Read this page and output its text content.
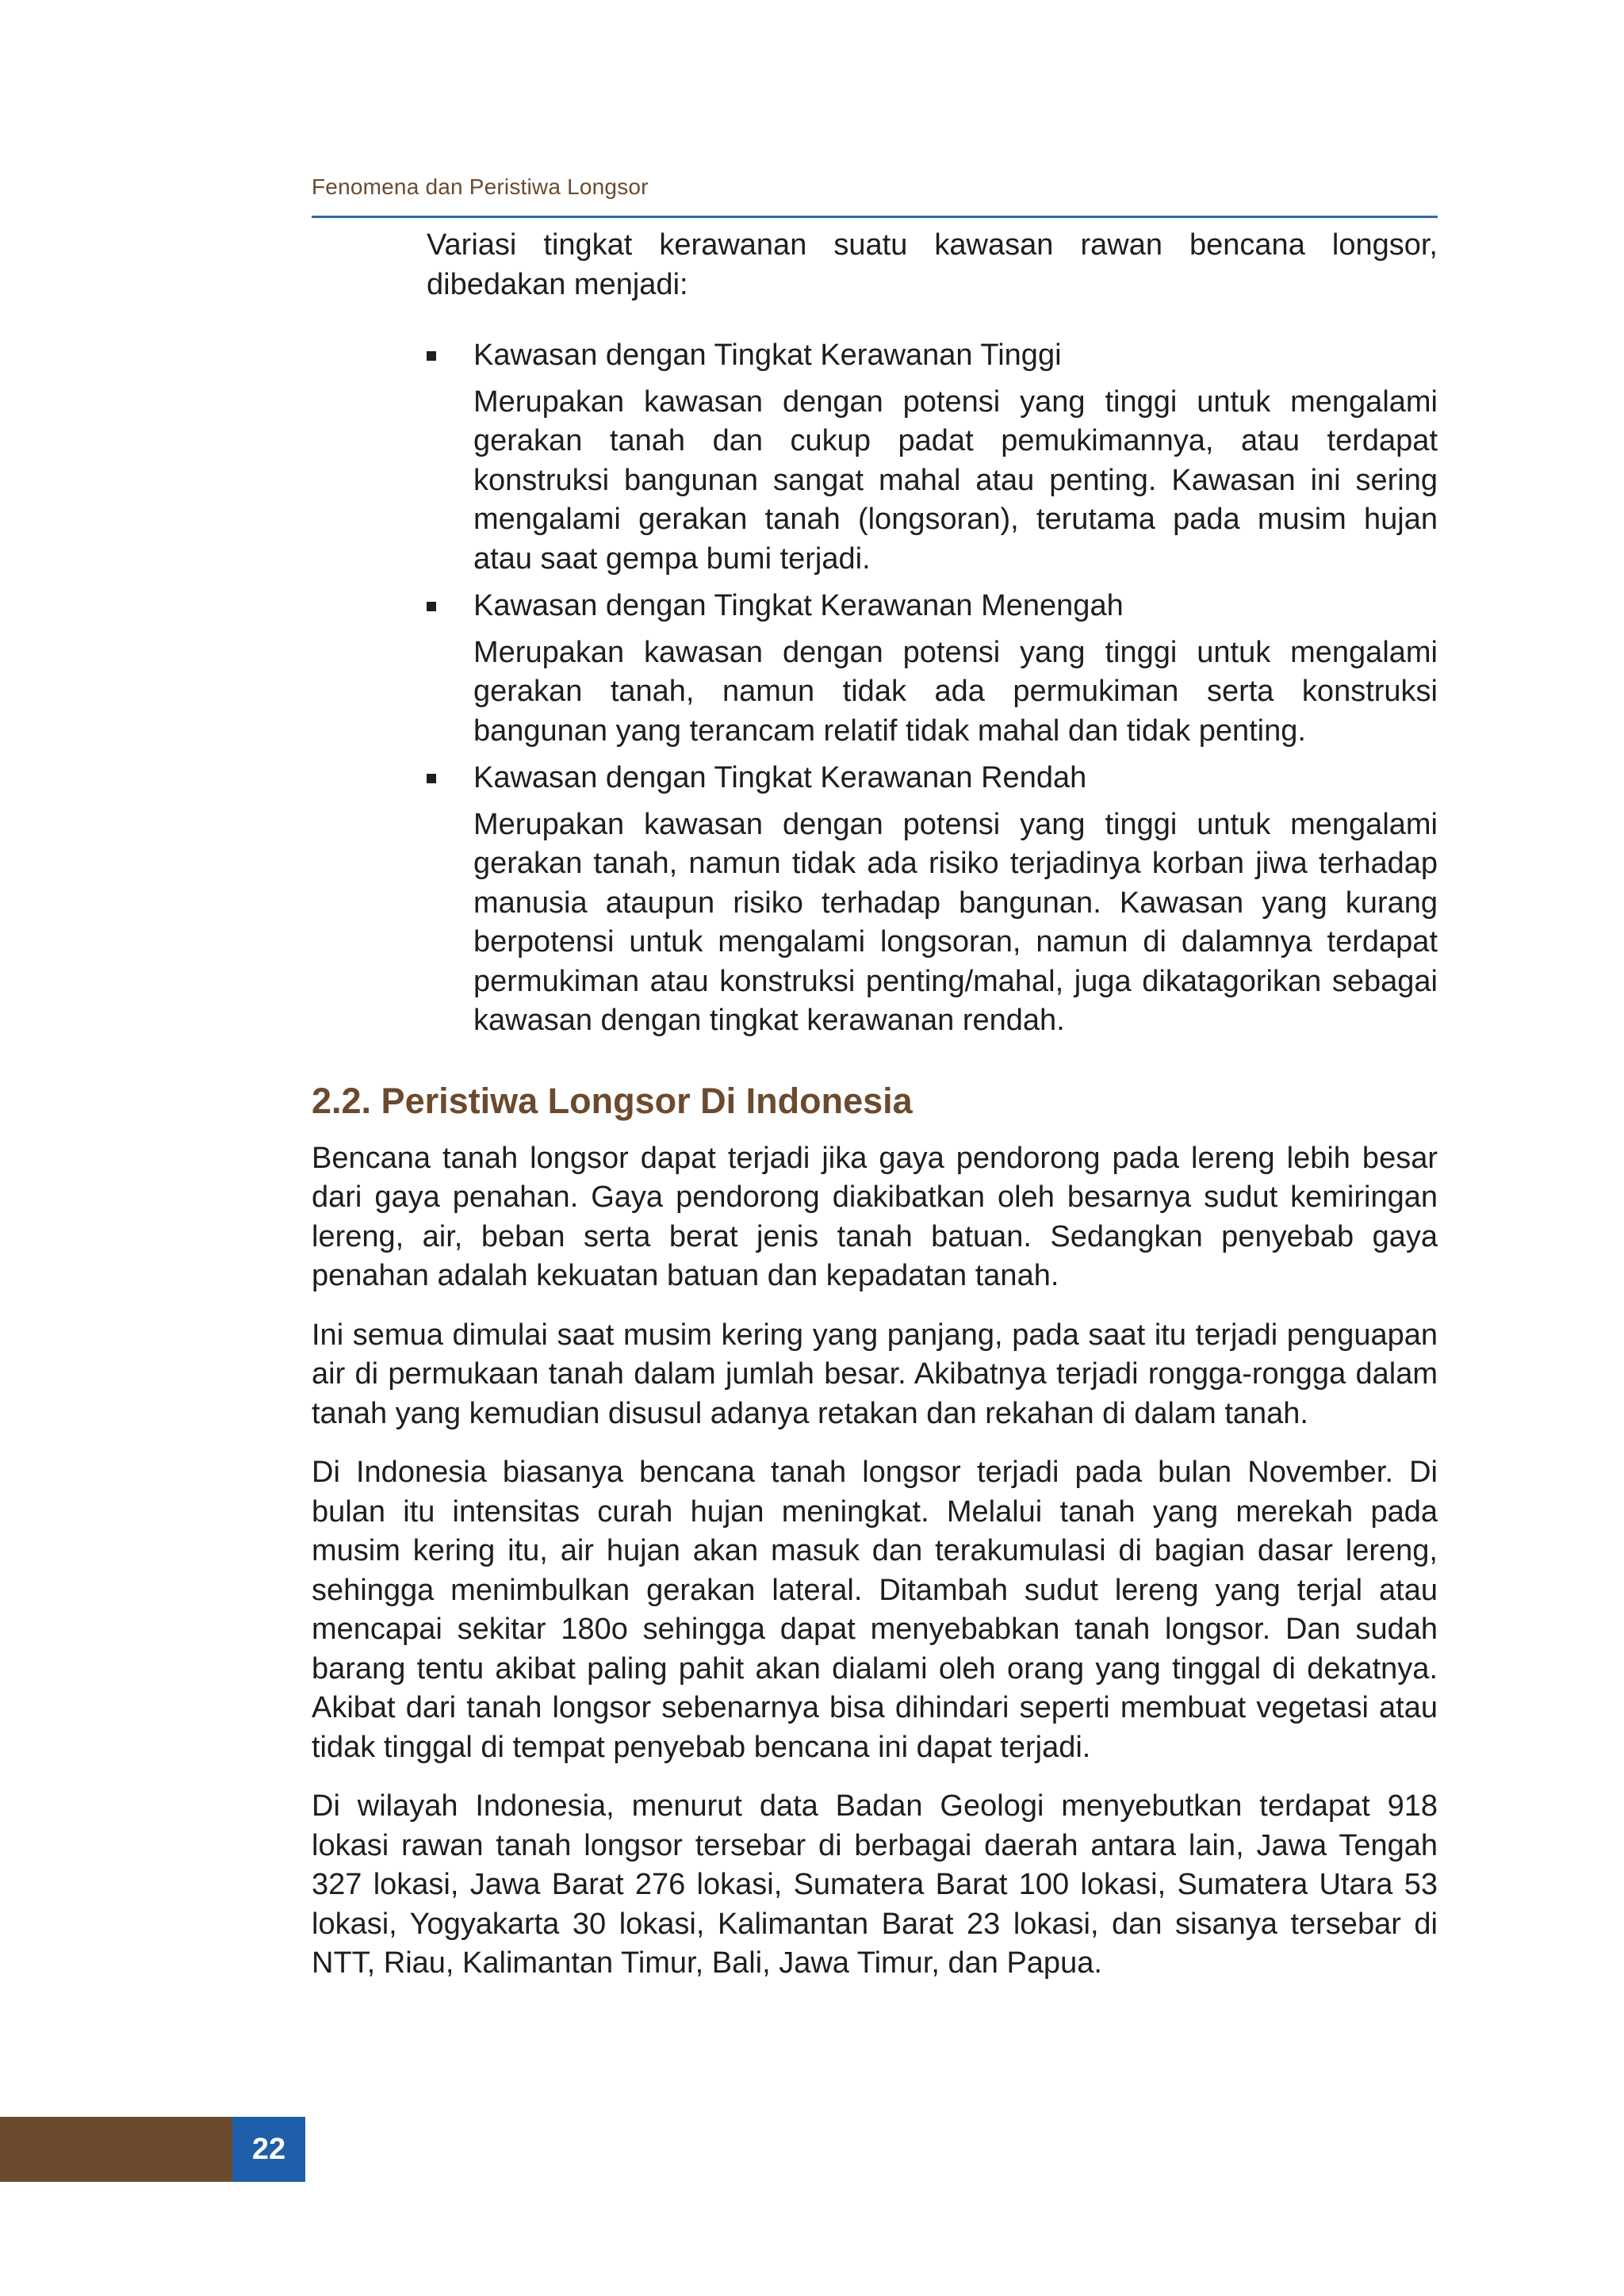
Fenomena dan Peristiwa Longsor

Variasi tingkat kerawanan suatu kawasan rawan bencana longsor, dibedakan menjadi:

Kawasan dengan Tingkat Kerawanan Tinggi

Merupakan kawasan dengan potensi yang tinggi untuk mengalami gerakan tanah dan cukup padat pemukimannya, atau terdapat konstruksi bangunan sangat mahal atau penting. Kawasan ini sering mengalami gerakan tanah (longsoran), terutama pada musim hujan atau saat gempa bumi terjadi.

Kawasan dengan Tingkat Kerawanan Menengah

Merupakan kawasan dengan potensi yang tinggi untuk mengalami gerakan tanah, namun tidak ada permukiman serta konstruksi bangunan yang terancam relatif tidak mahal dan tidak penting.

Kawasan dengan Tingkat Kerawanan Rendah

Merupakan kawasan dengan potensi yang tinggi untuk mengalami gerakan tanah, namun tidak ada risiko terjadinya korban jiwa terhadap manusia ataupun risiko terhadap bangunan. Kawasan yang kurang berpotensi untuk mengalami longsoran, namun di dalamnya terdapat permukiman atau konstruksi penting/mahal, juga dikatagorikan sebagai kawasan dengan tingkat kerawanan rendah.

2.2. Peristiwa Longsor Di Indonesia

Bencana tanah longsor dapat terjadi jika gaya pendorong pada lereng lebih besar dari gaya penahan. Gaya pendorong diakibatkan oleh besarnya sudut kemiringan lereng, air, beban serta berat jenis tanah batuan. Sedangkan penyebab gaya penahan adalah kekuatan batuan dan kepadatan tanah.

Ini semua dimulai saat musim kering yang panjang, pada saat itu terjadi penguapan air di permukaan tanah dalam jumlah besar. Akibatnya terjadi rongga-rongga dalam tanah yang kemudian disusul adanya retakan dan rekahan di dalam tanah.

Di Indonesia biasanya bencana tanah longsor terjadi pada bulan November. Di bulan itu intensitas curah hujan meningkat. Melalui tanah yang merekah pada musim kering itu, air hujan akan masuk dan terakumulasi di bagian dasar lereng, sehingga menimbulkan gerakan lateral. Ditambah sudut lereng yang terjal atau mencapai sekitar 180o sehingga dapat menyebabkan tanah longsor. Dan sudah barang tentu akibat paling pahit akan dialami oleh orang yang tinggal di dekatnya. Akibat dari tanah longsor sebenarnya bisa dihindari seperti membuat vegetasi atau tidak tinggal di tempat penyebab bencana ini dapat terjadi.

Di wilayah Indonesia, menurut data Badan Geologi menyebutkan terdapat 918 lokasi rawan tanah longsor tersebar di berbagai daerah antara lain, Jawa Tengah 327 lokasi, Jawa Barat 276 lokasi, Sumatera Barat 100 lokasi, Sumatera Utara 53 lokasi, Yogyakarta 30 lokasi, Kalimantan Barat 23 lokasi, dan sisanya tersebar di NTT, Riau, Kalimantan Timur, Bali, Jawa Timur, dan Papua.

22
